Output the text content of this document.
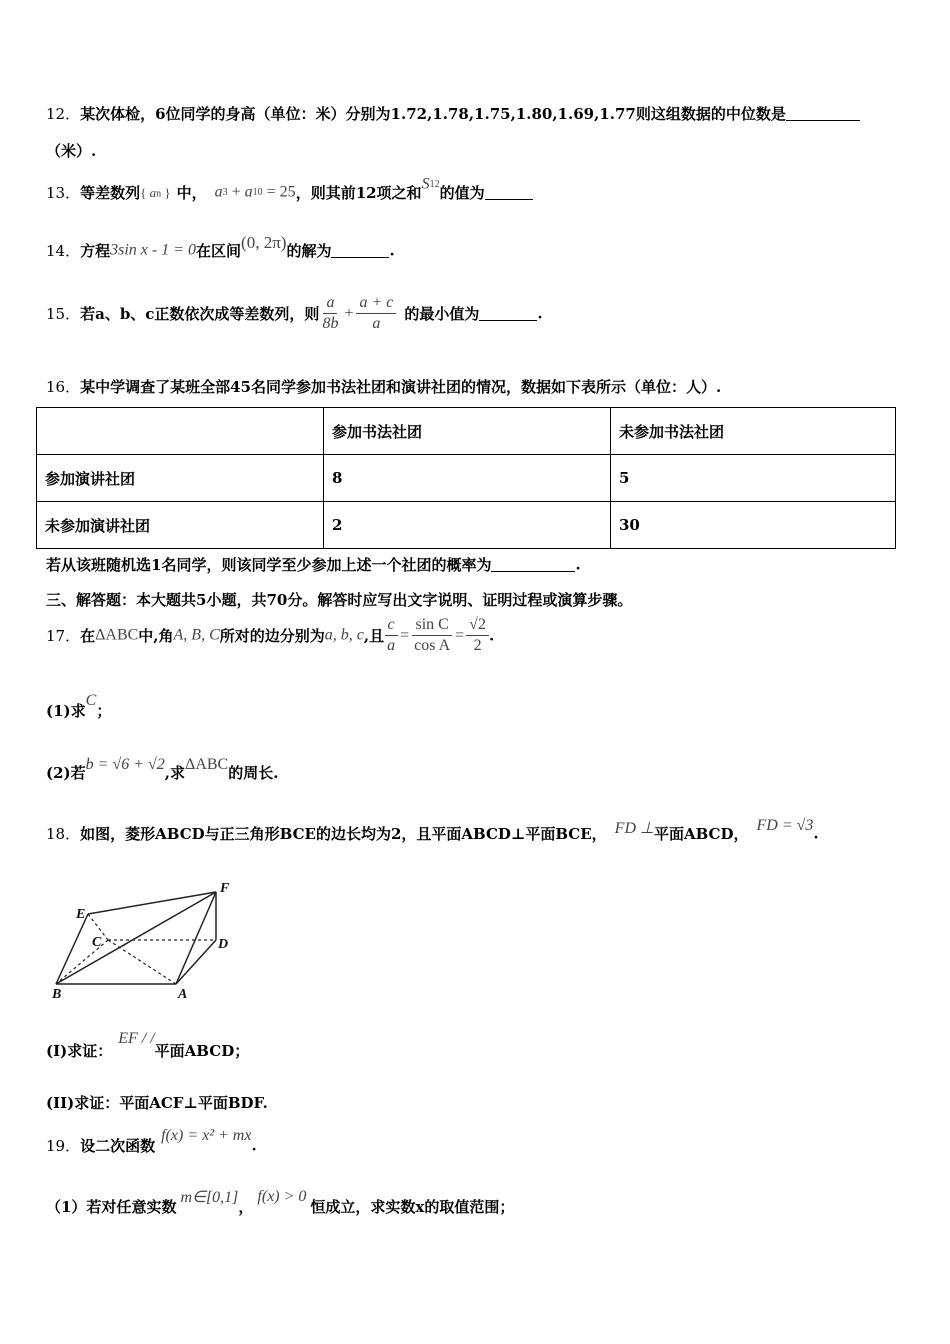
12．某次体检，6位同学的身高（单位：米）分别为1.72,1.78,1.75,1.80,1.69,1.77则这组数据的中位数是
（米）.
13．等差数列{ an } 中， a3 + a10 = 25，则其前12项之和S12的值为
14．方程3sin x - 1 = 0在区间(0, 2π)的解为	.
15．若a、b、c正数依次成等差数列，则 $\frac{a}{8b} + \frac{a + c}{a}$ 的最小值为	.
16．某中学调查了某班全部45名同学参加书法社团和演讲社团的情况，数据如下表所示（单位：人）.
	参加书法社团	未参加书法社团
参加演讲社团	8	5
未参加演讲社团	2	30
若从该班随机选1名同学，则该同学至少参加上述一个社团的概率为	.
三、解答题：本大题共5小题，共70分。解答时应写出文字说明、证明过程或演算步骤。
17．在ΔABC中,角A, B, C所对的边分别为a, b, c,且 $\frac{c}{a} = \frac{\text{sin C}}{\text{cos A}} = \frac{√2}{2}$ .
(1)求C；
(2)若b = √6 + √2,求ΔABC的周长.
18．如图，菱形ABCD与正三角形BCE的边长均为2，且平面ABCD⊥平面BCE， FD ⊥平面ABCD， FD = √3.
E
F
C	D
B	A
(I)求证：EF / /平面ABCD；
(II)求证：平面ACF⊥平面BDF.
19．设二次函数f(x) = x² + mx.
（1）若对任意实数m∈[0,1]，f(x) > 0恒成立，求实数x的取值范围；
